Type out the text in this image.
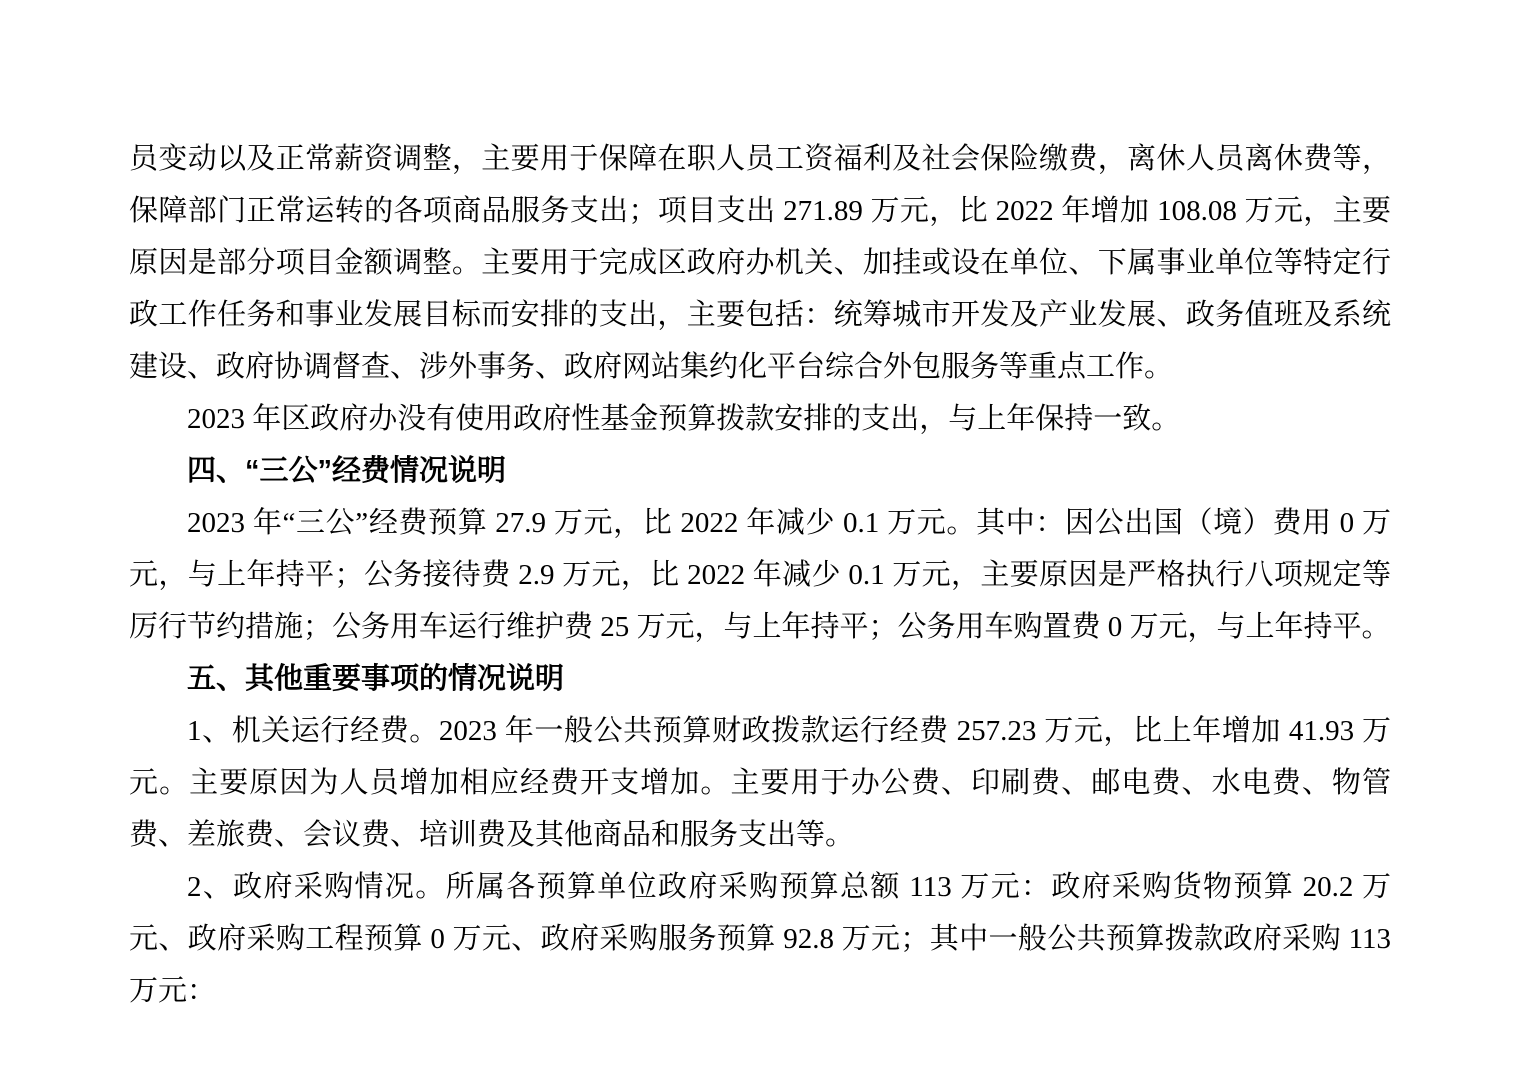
员变动以及正常薪资调整，主要用于保障在职人员工资福利及社会保险缴费，离休人员离休费等，保障部门正常运转的各项商品服务支出；项目支出 271.89 万元，比 2022 年增加 108.08 万元，主要原因是部分项目金额调整。主要用于完成区政府办机关、加挂或设在单位、下属事业单位等特定行政工作任务和事业发展目标而安排的支出，主要包括：统筹城市开发及产业发展、政务值班及系统建设、政府协调督查、涉外事务、政府网站集约化平台综合外包服务等重点工作。

2023 年区政府办没有使用政府性基金预算拨款安排的支出，与上年保持一致。

四、“三公”经费情况说明

2023 年“三公”经费预算 27.9 万元，比 2022 年减少 0.1 万元。其中：因公出国（境）费用 0 万元，与上年持平；公务接待费 2.9 万元，比 2022 年减少 0.1 万元，主要原因是严格执行八项规定等厉行节约措施；公务用车运行维护费 25 万元，与上年持平；公务用车购置费 0 万元，与上年持平。

五、其他重要事项的情况说明

1、机关运行经费。2023 年一般公共预算财政拨款运行经费 257.23 万元，比上年增加 41.93 万元。主要原因为人员增加相应经费开支增加。主要用于办公费、印刷费、邮电费、水电费、物管费、差旅费、会议费、培训费及其他商品和服务支出等。

2、政府采购情况。所属各预算单位政府采购预算总额 113 万元：政府采购货物预算 20.2 万元、政府采购工程预算 0 万元、政府采购服务预算 92.8 万元；其中一般公共预算拨款政府采购 113 万元：
